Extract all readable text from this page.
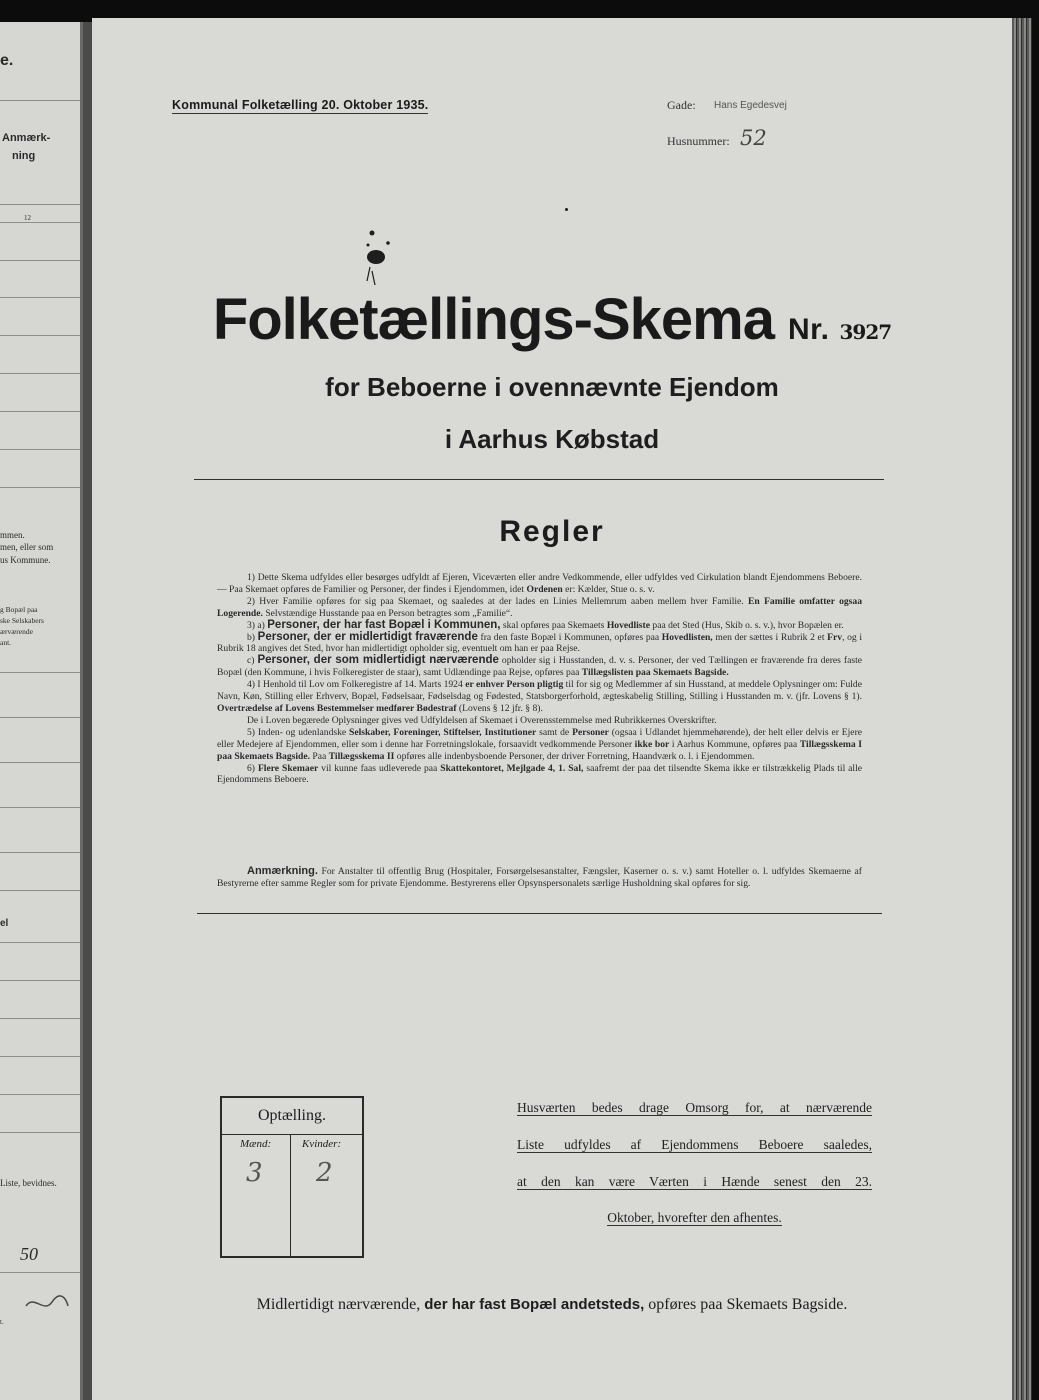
e.
Anmærk-
ning
12
mmen.
men, eller som
us Kommune.
g Bopæl paa
ske Selskabers
ærværende
ant.
el
Liste, bevidnes.
50
t.
Kommunal Folketælling 20. Oktober 1935.	Gade: Hans Egedesvej
Husnummer: 52
Folketællings-Skema Nr. 3927
for Beboerne i ovennævnte Ejendom
i Aarhus Købstad
Regler

1) Dette Skema udfyldes eller besørges udfyldt af Ejeren, Viceværten eller andre Vedkommende, eller udfyldes ved Cirkulation blandt Ejendommens Beboere. — Paa Skemaet opføres de Familier og Personer, der findes i Ejendommen, idet Ordenen er: Kælder, Stue o. s. v.

2) Hver Familie opføres for sig paa Skemaet, og saaledes at der lades en Linies Mellemrum aaben mellem hver Familie. En Familie omfatter ogsaa Logerende. Selvstændige Husstande paa en Person betragtes som „Familie“.

3) a) Personer, der har fast Bopæl i Kommunen, skal opføres paa Skemaets Hovedliste paa det Sted (Hus, Skib o. s. v.), hvor Bopælen er.

b) Personer, der er midlertidigt fraværende fra den faste Bopæl i Kommunen, opføres paa Hovedlisten, men der sættes i Rubrik 2 et Frv, og i Rubrik 18 angives det Sted, hvor han midlertidigt opholder sig, eventuelt om han er paa Rejse.

c) Personer, der som midlertidigt nærværende opholder sig i Husstanden, d. v. s. Personer, der ved Tællingen er fraværende fra deres faste Bopæl (den Kommune, i hvis Folkeregister de staar), samt Udlændinge paa Rejse, opføres paa Tillægslisten paa Skemaets Bagside.

4) I Henhold til Lov om Folkeregistre af 14. Marts 1924 er enhver Person pligtig til for sig og Medlemmer af sin Husstand, at meddele Oplysninger om: Fulde Navn, Køn, Stilling eller Erhverv, Bopæl, Fødselsaar, Fødselsdag og Fødested, Statsborgerforhold, ægteskabelig Stilling, Stilling i Husstanden m. v. (jfr. Lovens § 1). Overtrædelse af Lovens Bestemmelser medfører Bødestraf (Lovens § 12 jfr. § 8).

De i Loven begærede Oplysninger gives ved Udfyldelsen af Skemaet i Overensstemmelse med Rubrikkernes Overskrifter.

5) Inden- og udenlandske Selskaber, Foreninger, Stiftelser, Institutioner samt de Personer (ogsaa i Udlandet hjemmehørende), der helt eller delvis er Ejere eller Medejere af Ejendommen, eller som i denne har Forretningslokale, forsaavidt vedkommende Personer ikke bor i Aarhus Kommune, opføres paa Tillægsskema I paa Skemaets Bagside. Paa Tillægsskema II opføres alle indenbysboende Personer, der driver Forretning, Haandværk o. l. i Ejendommen.

6) Flere Skemaer vil kunne faas udleverede paa Skattekontoret, Mejlgade 4, 1. Sal, saafremt der paa det tilsendte Skema ikke er tilstrækkelig Plads til alle Ejendommens Beboere.

Anmærkning. For Anstalter til offentlig Brug (Hospitaler, Forsørgelsesanstalter, Fængsler, Kaserner o. s. v.) samt Hoteller o. l. udfyldes Skemaerne af Bestyrerne efter samme Regler som for private Ejendomme. Bestyrerens eller Opsynspersonalets særlige Husholdning skal opføres for sig.
Optælling.
Mænd:	Kvinder:
3 2
Husværten bedes drage Omsorg for, at nærværende
Liste udfyldes af Ejendommens Beboere saaledes,
at den kan være Værten i Hænde senest den 23.
Oktober, hvorefter den afhentes.
Midlertidigt nærværende, der har fast Bopæl andetsteds, opføres paa Skemaets Bagside.
